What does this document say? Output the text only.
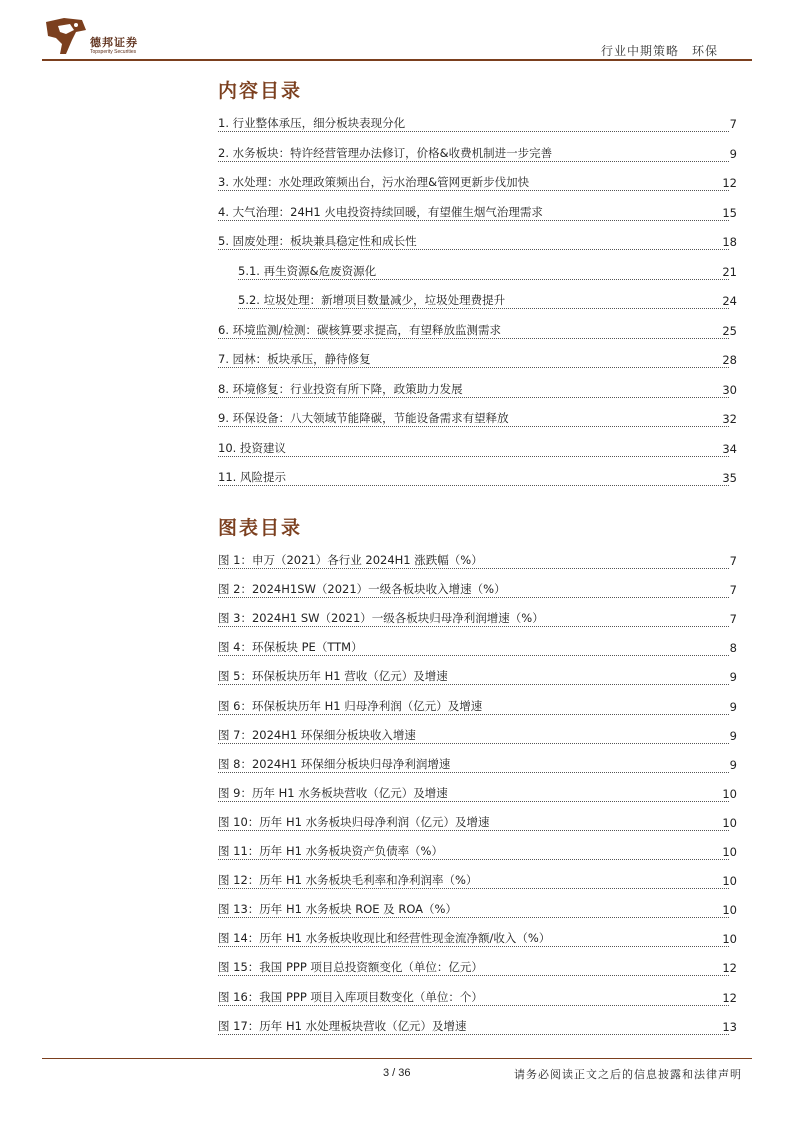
德邦证券
Topsperity Securities	行业中期策略　环保
内容目录
1. 行业整体承压，细分板块表现分化	7
2. 水务板块：特许经营管理办法修订，价格&收费机制进一步完善	9
3. 水处理：水处理政策频出台，污水治理&管网更新步伐加快	12
4. 大气治理：24H1 火电投资持续回暖，有望催生烟气治理需求	15
5. 固废处理：板块兼具稳定性和成长性	18
5.1. 再生资源&危废资源化	21
5.2. 垃圾处理：新增项目数量减少，垃圾处理费提升	24
6. 环境监测/检测：碳核算要求提高，有望释放监测需求	25
7. 园林：板块承压，静待修复	28
8. 环境修复：行业投资有所下降，政策助力发展	30
9. 环保设备：八大领域节能降碳，节能设备需求有望释放	32
10. 投资建议	34
11. 风险提示	35
图表目录
图 1：申万（2021）各行业 2024H1 涨跌幅（%）	7
图 2：2024H1SW（2021）一级各板块收入增速（%）	7
图 3：2024H1 SW（2021）一级各板块归母净利润增速（%）	7
图 4：环保板块 PE（TTM）	8
图 5：环保板块历年 H1 营收（亿元）及增速	9
图 6：环保板块历年 H1 归母净利润（亿元）及增速	9
图 7：2024H1 环保细分板块收入增速	9
图 8：2024H1 环保细分板块归母净利润增速	9
图 9：历年 H1 水务板块营收（亿元）及增速	10
图 10：历年 H1 水务板块归母净利润（亿元）及增速	10
图 11：历年 H1 水务板块资产负债率（%）	10
图 12：历年 H1 水务板块毛利率和净利润率（%）	10
图 13：历年 H1 水务板块 ROE 及 ROA（%）	10
图 14：历年 H1 水务板块收现比和经营性现金流净额/收入（%）	10
图 15：我国 PPP 项目总投资额变化（单位：亿元）	12
图 16：我国 PPP 项目入库项目数变化（单位：个）	12
图 17：历年 H1 水处理板块营收（亿元）及增速	13
3 / 36	请务必阅读正文之后的信息披露和法律声明
